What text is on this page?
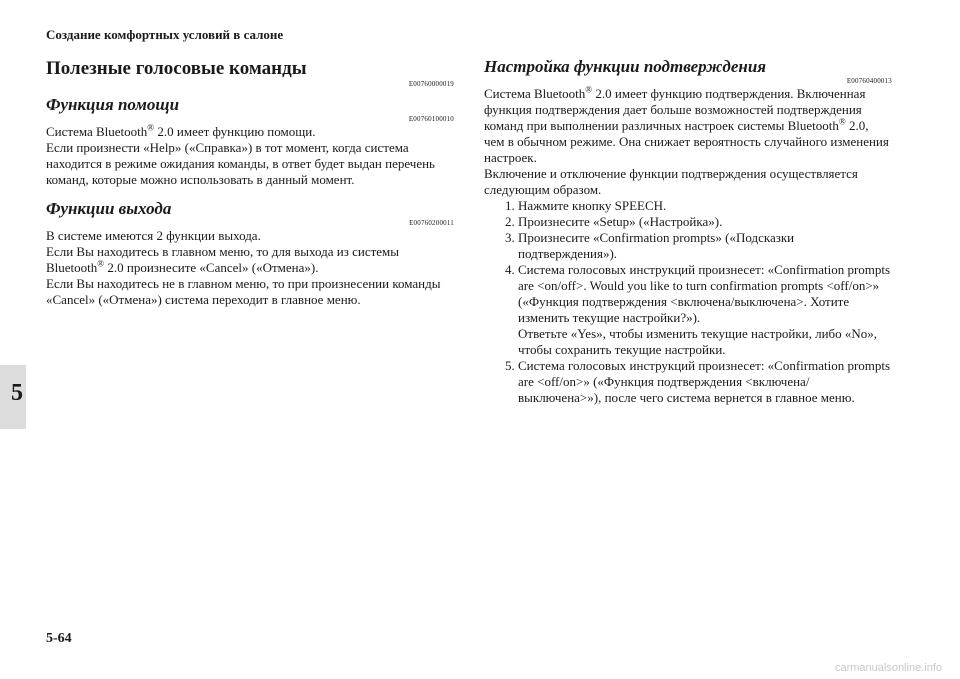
Создание комфортных условий в салоне
Полезные голосовые команды
E00760000019
Функция помощи
E00760100010

Система Bluetooth® 2.0 имеет функцию помощи.

Если произнести «Help» («Справка») в тот момент, когда система находится в режиме ожидания команды, в ответ будет выдан перечень команд, которые можно использовать в данный момент.

Функции выхода
E00760200011

В системе имеются 2 функции выхода.

Если Вы находитесь в главном меню, то для выхода из системы Bluetooth® 2.0 произнесите «Cancel» («Отмена»).

Если Вы находитесь не в главном меню, то при произнесении команды «Cancel» («Отмена») система переходит в главное меню.

Настройка функции подтверждения
E00760400013

Система Bluetooth® 2.0 имеет функцию подтверждения. Включенная функция подтверждения дает больше возможностей подтверждения команд при выполнении различных настроек системы Bluetooth® 2.0, чем в обычном режиме. Она снижает вероятность случайного изменения настроек.

Включение и отключение функции подтверждения осуществляется следующим образом.

1. Нажмите кнопку SPEECH.
2. Произнесите «Setup» («Настройка»).
3. Произнесите «Confirmation prompts» («Подсказки подтверждения»).
4. Система голосовых инструкций произнесет: «Confirmation prompts are <on/off>. Would you like to turn confirmation prompts <off/on>» («Функция подтверждения <включена/выключена>. Хотите изменить текущие настройки?»).
Ответьте «Yes», чтобы изменить текущие настройки, либо «No», чтобы сохранить текущие настройки.
5. Система голосовых инструкций произнесет: «Confirmation prompts are <off/on>» («Функция подтверждения <включена/выключена>»), после чего система вернется в главное меню.
5
5-64
carmanualsonline.info
